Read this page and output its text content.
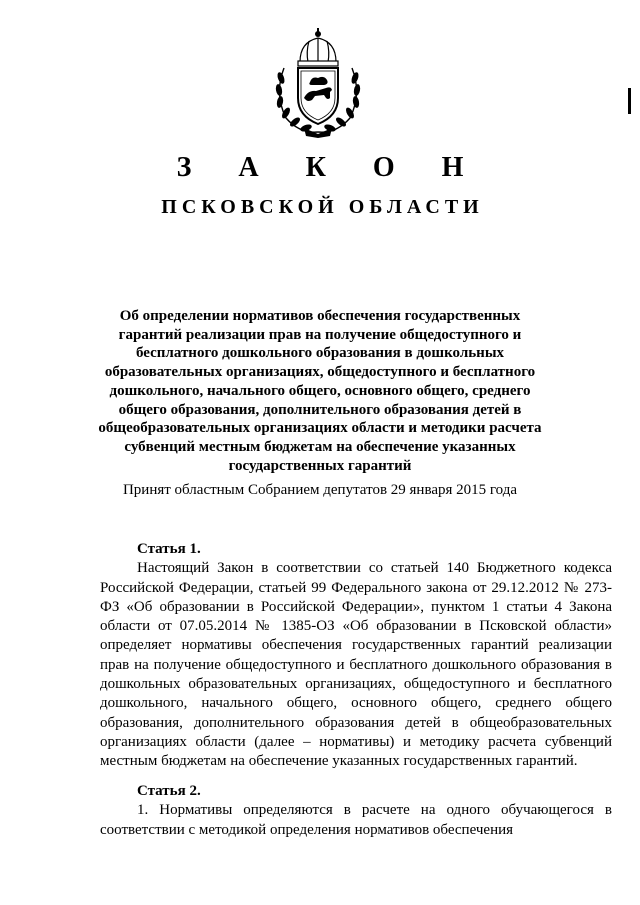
З А К О Н
ПСКОВСКОЙ ОБЛАСТИ
Об определении нормативов обеспечения государственных гарантий реализации прав на получение общедоступного и бесплатного дошкольного образования в дошкольных образовательных организациях, общедоступного и бесплатного дошкольного, начального общего, основного общего, среднего общего образования, дополнительного образования детей в общеобразовательных организациях области и методики расчета субвенций местным бюджетам на обеспечение указанных государственных гарантий
Принят областным Собранием депутатов 29 января 2015 года
Статья 1.

Настоящий Закон в соответствии со статьей 140 Бюджетного кодекса Российской Федерации, статьей 99 Федерального закона от 29.12.2012 № 273-ФЗ «Об образовании в Российской Федерации», пунктом 1 статьи 4 Закона области от 07.05.2014 № 1385-ОЗ «Об образовании в Псковской области» определяет нормативы обеспечения государственных гарантий реализации прав на получение общедоступного и бесплатного дошкольного образования в дошкольных образовательных организациях, общедоступного и бесплатного дошкольного, начального общего, основного общего, среднего общего образования, дополнительного образования детей в общеобразовательных организациях области (далее – нормативы) и методику расчета субвенций местным бюджетам на обеспечение указанных государственных гарантий.

Статья 2.

1. Нормативы определяются в расчете на одного обучающегося в соответствии с методикой определения нормативов обеспечения
